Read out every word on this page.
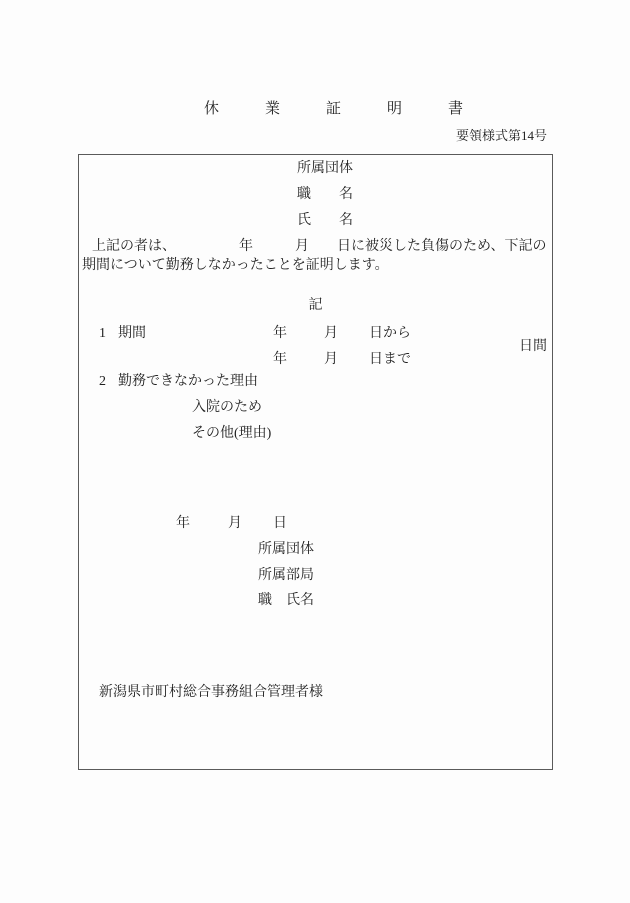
休業証明書
要領様式第14号
所属団体
職　　名
氏　　名
上記の者は、　　　　　年　　　月　　日に被災した負傷のため、下記の
期間について勤務しなかったことを証明します。
記
1 期間	年	月 日から
年	月 日まで
日間
2 勤務できなかった理由
入院のため
その他(理由)
年	月 日
所属団体
所属部局
職　氏名
新潟県市町村総合事務組合管理者様
